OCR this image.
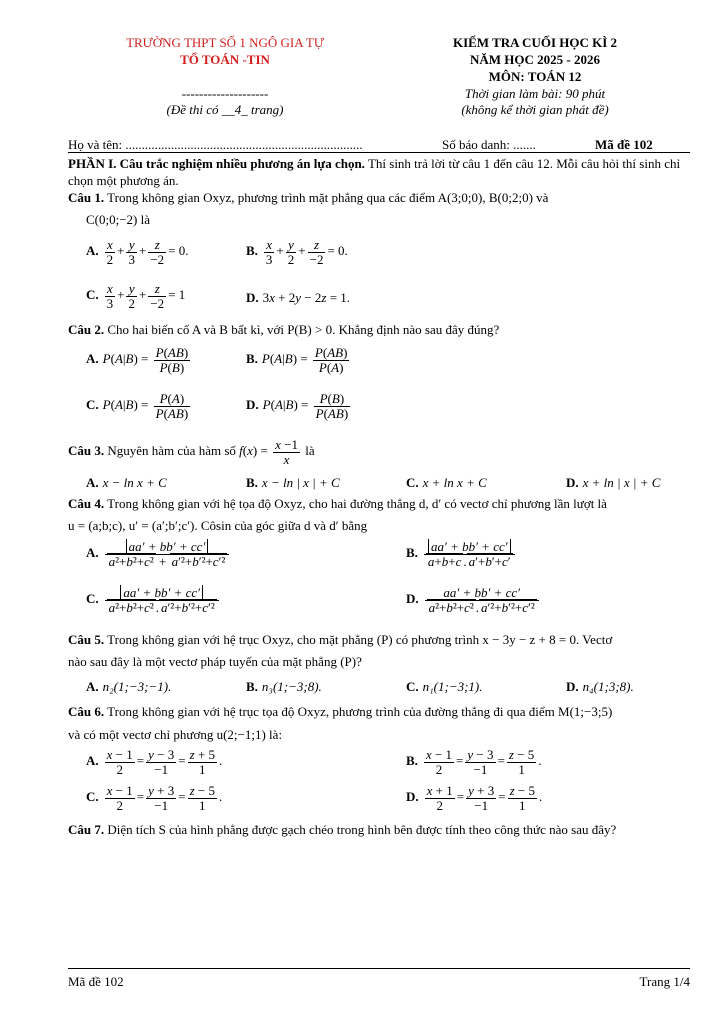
TRƯỜNG THPT SỐ 1 NGÔ GIA TỰ
TỔ TOÁN -TIN
--------------------
(Đề thi có __4_ trang)
KIỂM TRA CUỐI HỌC KÌ 2
NĂM HỌC 2025 - 2026
MÔN: TOÁN 12
Thời gian làm bài: 90 phút
(không kể thời gian phát đề)
Họ và tên: .........................................................................	Số báo danh: .......	Mã đề 102
PHẦN I. Câu trắc nghiệm nhiều phương án lựa chọn. Thí sinh trả lời từ câu 1 đến câu 12. Mỗi câu hỏi thí sinh chỉ chọn một phương án.
Câu 1. Trong không gian Oxyz, phương trình mặt phẳng qua các điểm A(3;0;0), B(0;2;0) và
C(0;0;−2) là
A. $\frac{x}{2} + \frac{y}{3} + \frac{z}{-2} = 0$.	B. $\frac{x}{3} + \frac{y}{2} + \frac{z}{-2} = 0$.
C. $\frac{x}{3} + \frac{y}{2} + \frac{z}{-2} = 1$	D. 3x + 2y − 2z = 1.
Câu 2. Cho hai biến cố A và B bất kì, với P(B) > 0. Khẳng định nào sau đây đúng?
A. $P(A|B) = \frac{P(AB)}{P(B)}$	B. $P(A|B) = \frac{P(AB)}{P(A)}$
C. $P(A|B) = \frac{P(A)}{P(AB)}$	D. $P(A|B) = \frac{P(B)}{P(AB)}$
Câu 3. Nguyên hàm của hàm số $f(x) = \frac{x -1}{x}$ là
A. x − ln x + C	B. x − ln | x | + C	C. x + ln x + C	D. x + ln | x | + C
Câu 4. Trong không gian với hệ tọa độ Oxyz, cho hai đường thẳng d, d′ có vectơ chỉ phương lần lượt là
u = (a;b;c), u′ = (a′;b′;c′). Côsin của góc giữa d và d′ bằng
A. $\frac{aa' + bb' + cc'}{\text{a²+b²+c² + a′²+b′²+c′²}}$	B. $\frac{aa' + bb' + cc'}{a+b+c . a'+b'+c'}$
C. $\frac{aa' + bb' + cc'}{\text{a²+b²+c² . a′²+b′²+c′²}}$	D. $\frac{aa' + bb' + cc'}{\text{a²+b²+c² . a′²+b′²+c′²}}$
Câu 5. Trong không gian với hệ trục Oxyz, cho mặt phẳng (P) có phương trình x − 3y − z + 8 = 0. Vectơ
nào sau đây là một vectơ pháp tuyến của mặt phẳng (P)?
A. n₂(1;−3;−1).	B. n₃(1;−3;8).	C. n₁(1;−3;1).	D. n₄(1;3;8).
Câu 6. Trong không gian với hệ trục tọa độ Oxyz, phương trình của đường thẳng đi qua điểm M(1;−3;5)
và có một vectơ chỉ phương u(2;−1;1) là:
A. $\frac{x - 1}{2} = \frac{y - 3}{-1} = \frac{z + 5}{1}$ .	B. $\frac{x - 1}{2} = \frac{y - 3}{-1} = \frac{z - 5}{1}$ .
C. $\frac{x - 1}{2} = \frac{y + 3}{-1} = \frac{z - 5}{1}$ .	D. $\frac{x + 1}{2} = \frac{y + 3}{-1} = \frac{z - 5}{1}$ .
Câu 7. Diện tích S của hình phẳng được gạch chéo trong hình bên được tính theo công thức nào sau đây?
Mã đề 102	Trang 1/4
